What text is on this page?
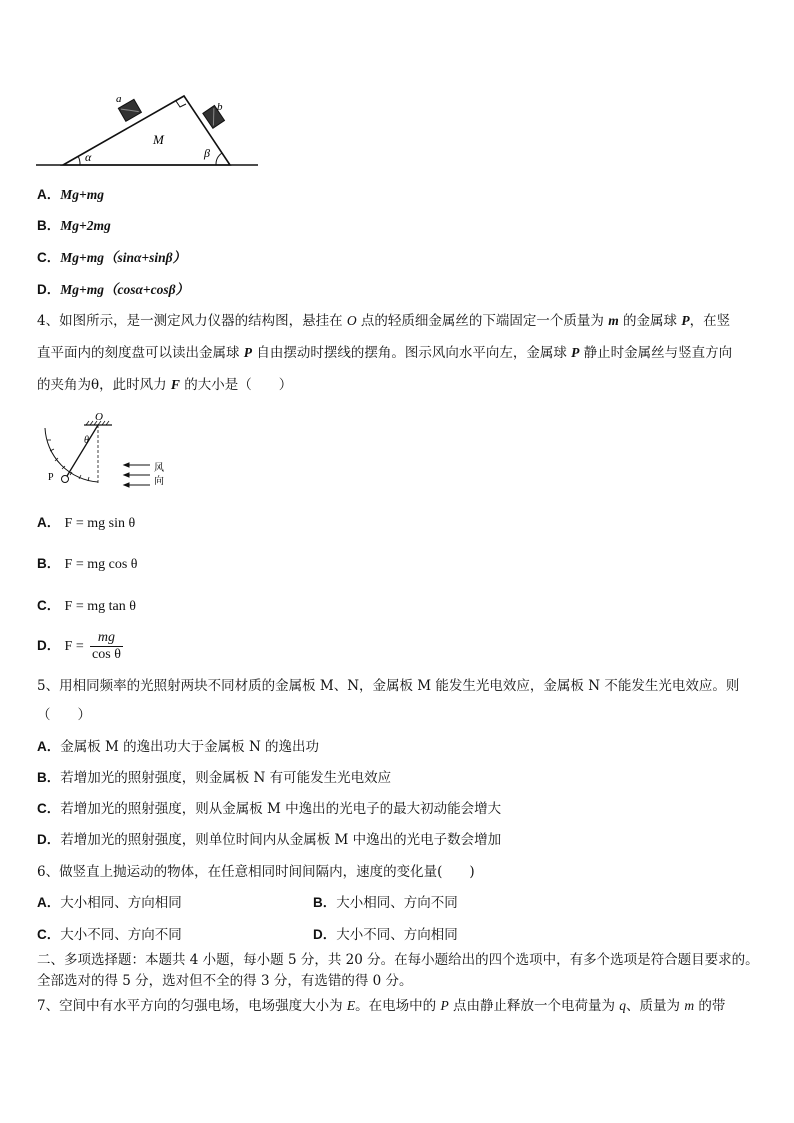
a
b
M
α	β
A．Mg+mg
B．Mg+2mg
C．Mg+mg（sinα+sinβ）
D．Mg+mg（cosα+cosβ）
4、如图所示，是一测定风力仪器的结构图，悬挂在 O 点的轻质细金属丝的下端固定一个质量为 m 的金属球 P，在竖
直平面内的刻度盘可以读出金属球 P 自由摆动时摆线的摆角。图示风向水平向左，金属球 P 静止时金属丝与竖直方向
的夹角为θ，此时风力 F 的大小是（　　）
O
θ
P
风
向
A． F = mg sin θ
B． F = mg cos θ
C． F = mg tan θ
D． $F = \frac{mg}{\text{cos θ}}$
5、用相同频率的光照射两块不同材质的金属板 M、N，金属板 M 能发生光电效应，金属板 N 不能发生光电效应。则
（　　）
A．金属板 M 的逸出功大于金属板 N 的逸出功
B．若增加光的照射强度，则金属板 N 有可能发生光电效应
C．若增加光的照射强度，则从金属板 M 中逸出的光电子的最大初动能会增大
D．若增加光的照射强度，则单位时间内从金属板 M 中逸出的光电子数会增加
6、做竖直上抛运动的物体，在任意相同时间间隔内，速度的变化量(　　)
A．大小相同、方向相同	B．大小相同、方向不同
C．大小不同、方向不同	D．大小不同、方向相同
二、多项选择题：本题共 4 小题，每小题 5 分，共 20 分。在每小题给出的四个选项中，有多个选项是符合题目要求的。
全部选对的得 5 分，选对但不全的得 3 分，有选错的得 0 分。
7、空间中有水平方向的匀强电场，电场强度大小为 E。在电场中的 P 点由静止释放一个电荷量为 q、质量为 m 的带
